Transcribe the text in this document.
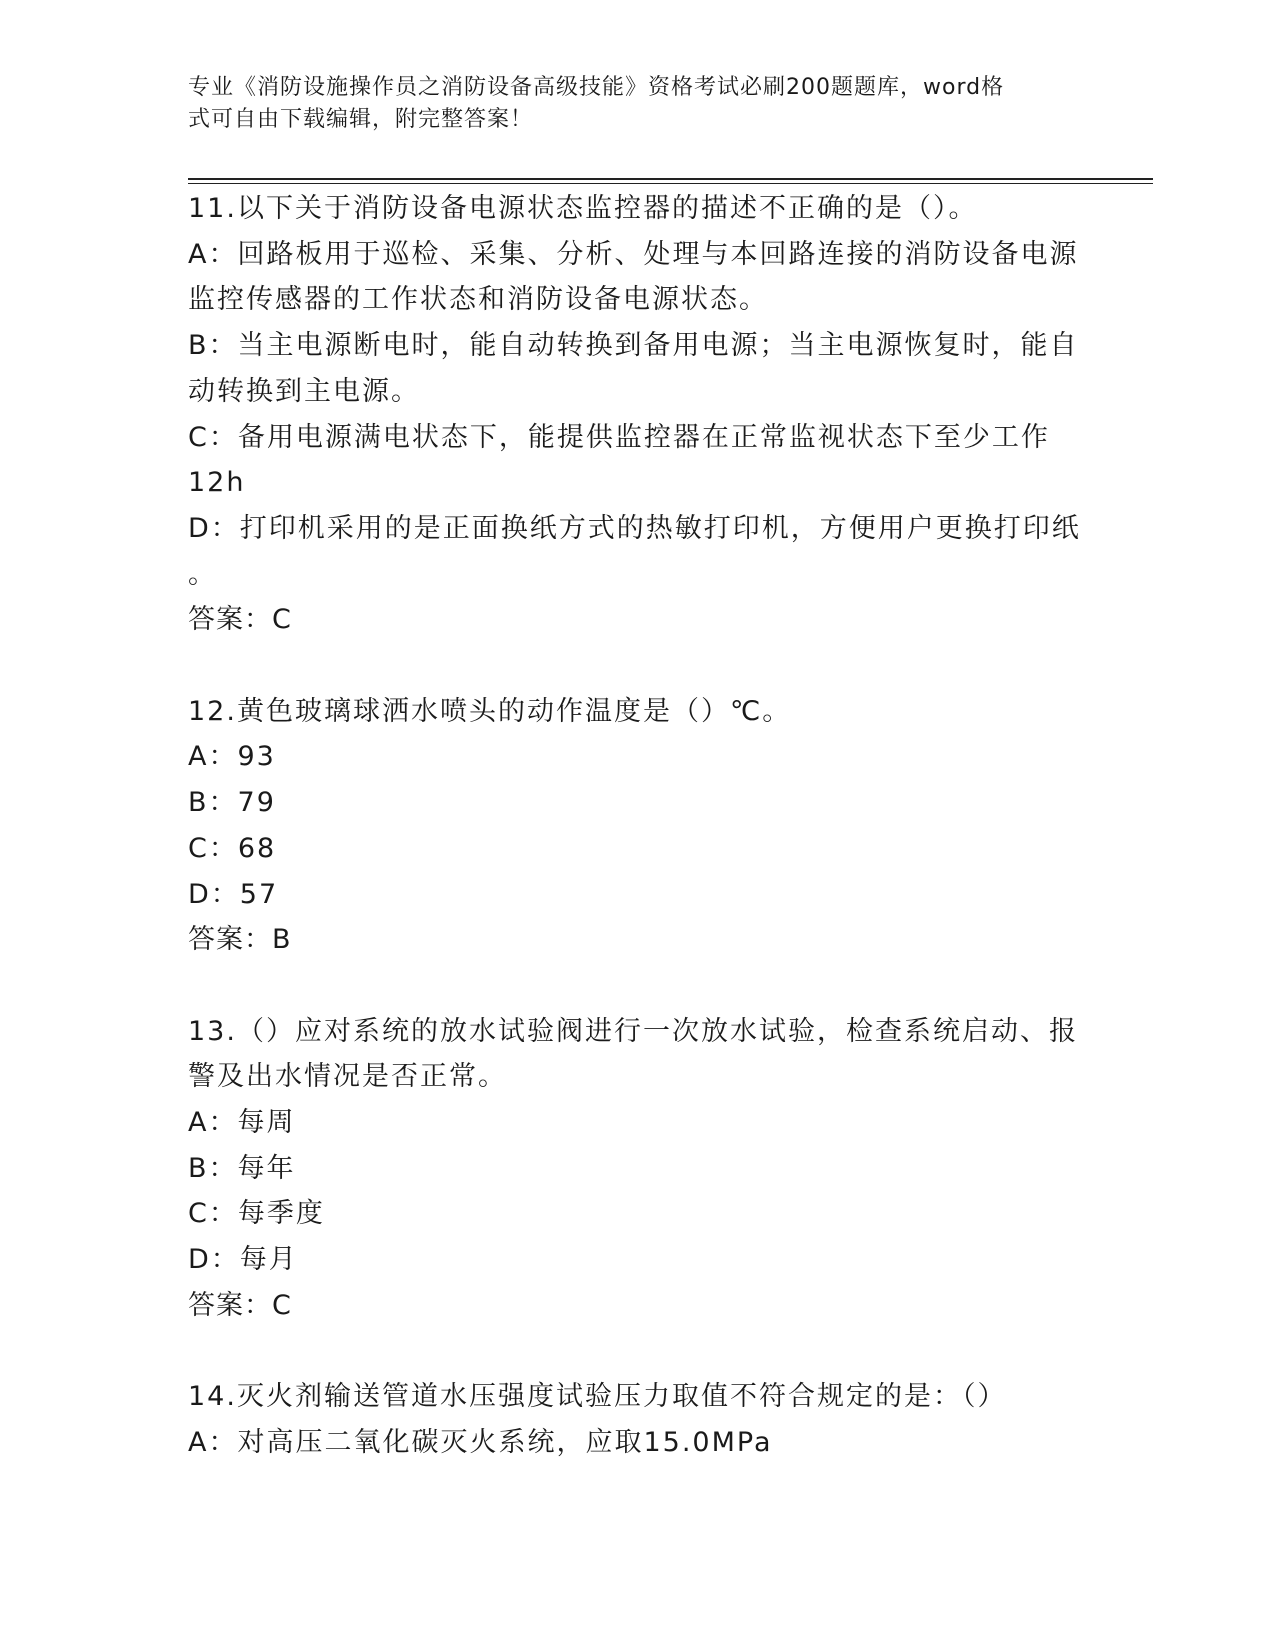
专业《消防设施操作员之消防设备高级技能》资格考试必刷200题题库，word格
式可自由下载编辑，附完整答案！
11.以下关于消防设备电源状态监控器的描述不正确的是（）。
A：回路板用于巡检、采集、分析、处理与本回路连接的消防设备电源
监控传感器的工作状态和消防设备电源状态。
B：当主电源断电时，能自动转换到备用电源；当主电源恢复时，能自
动转换到主电源。
C：备用电源满电状态下，能提供监控器在正常监视状态下至少工作
12h
D：打印机采用的是正面换纸方式的热敏打印机，方便用户更换打印纸
。
答案：C
12.黄色玻璃球洒水喷头的动作温度是（）℃。
A：93
B：79
C：68
D：57
答案：B
13.（）应对系统的放水试验阀进行一次放水试验，检查系统启动、报
警及出水情况是否正常。
A：每周
B：每年
C：每季度
D：每月
答案：C
14.灭火剂输送管道水压强度试验压力取值不符合规定的是：（）
A：对高压二氧化碳灭火系统，应取15.0MPa
